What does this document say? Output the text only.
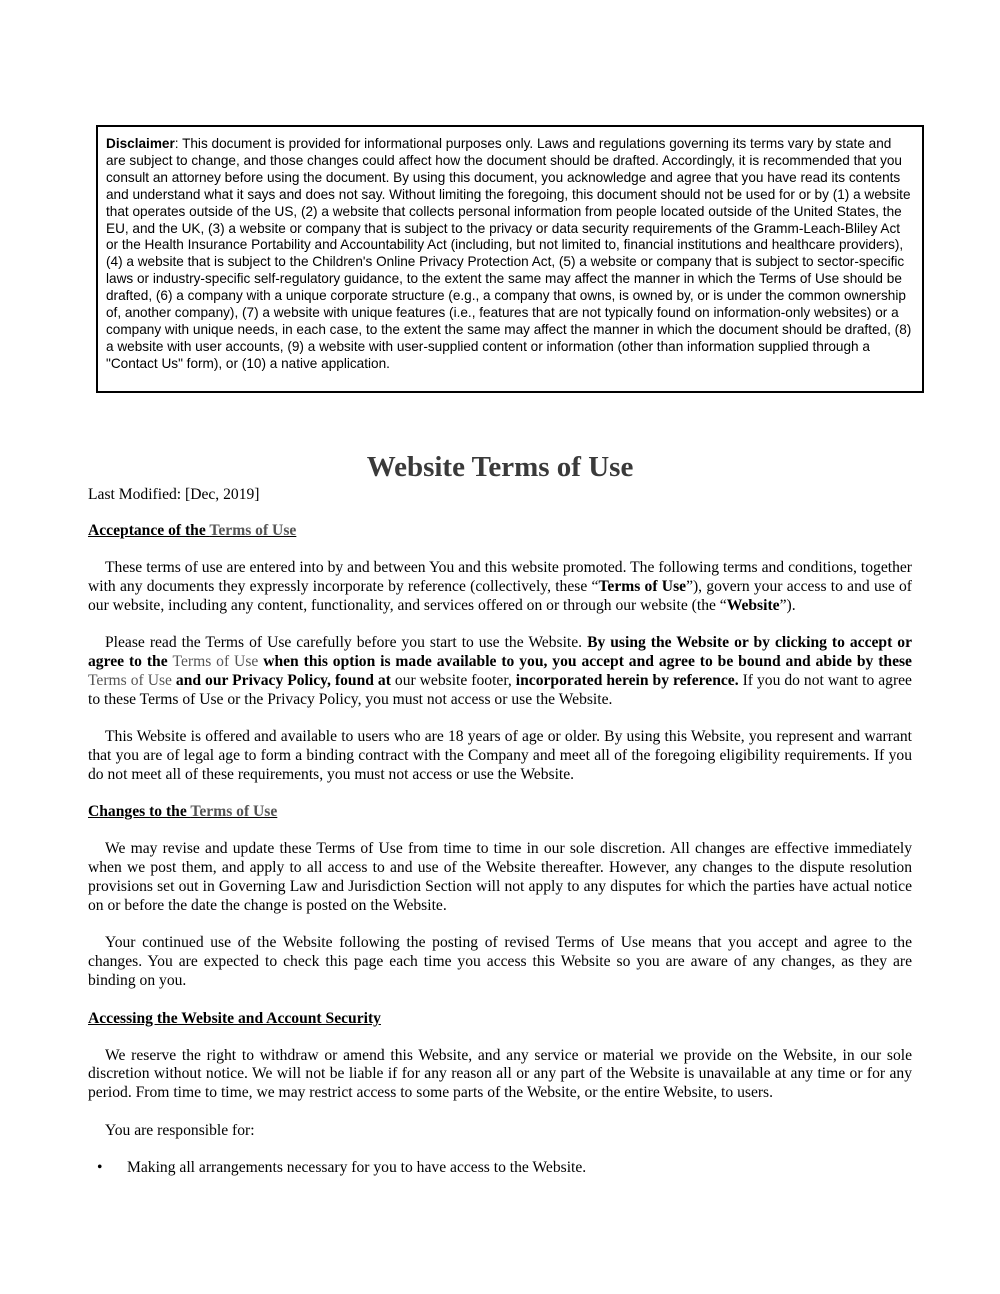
Disclaimer: This document is provided for informational purposes only. Laws and regulations governing its terms vary by state and are subject to change, and those changes could affect how the document should be drafted. Accordingly, it is recommended that you consult an attorney before using the document. By using this document, you acknowledge and agree that you have read its contents and understand what it says and does not say. Without limiting the foregoing, this document should not be used for or by (1) a website that operates outside of the US, (2) a website that collects personal information from people located outside of the United States, the EU, and the UK, (3) a website or company that is subject to the privacy or data security requirements of the Gramm-Leach-Bliley Act or the Health Insurance Portability and Accountability Act (including, but not limited to, financial institutions and healthcare providers), (4) a website that is subject to the Children's Online Privacy Protection Act, (5) a website or company that is subject to sector-specific laws or industry-specific self-regulatory guidance, to the extent the same may affect the manner in which the Terms of Use should be drafted, (6) a company with a unique corporate structure (e.g., a company that owns, is owned by, or is under the common ownership of, another company), (7) a website with unique features (i.e., features that are not typically found on information-only websites) or a company with unique needs, in each case, to the extent the same may affect the manner in which the document should be drafted, (8) a website with user accounts, (9) a website with user-supplied content or information (other than information supplied through a "Contact Us" form), or (10) a native application.
Website Terms of Use

Last Modified: [Dec, 2019]

Acceptance of the Terms of Use

These terms of use are entered into by and between You and this website promoted. The following terms and conditions, together with any documents they expressly incorporate by reference (collectively, these “Terms of Use”), govern your access to and use of our website, including any content, functionality, and services offered on or through our website (the “Website”).

Please read the Terms of Use carefully before you start to use the Website. By using the Website or by clicking to accept or agree to the Terms of Use when this option is made available to you, you accept and agree to be bound and abide by these Terms of Use and our Privacy Policy, found at our website footer, incorporated herein by reference. If you do not want to agree to these Terms of Use or the Privacy Policy, you must not access or use the Website.

This Website is offered and available to users who are 18 years of age or older. By using this Website, you represent and warrant that you are of legal age to form a binding contract with the Company and meet all of the foregoing eligibility requirements. If you do not meet all of these requirements, you must not access or use the Website.

Changes to the Terms of Use

We may revise and update these Terms of Use from time to time in our sole discretion. All changes are effective immediately when we post them, and apply to all access to and use of the Website thereafter. However, any changes to the dispute resolution provisions set out in Governing Law and Jurisdiction Section will not apply to any disputes for which the parties have actual notice on or before the date the change is posted on the Website.

Your continued use of the Website following the posting of revised Terms of Use means that you accept and agree to the changes. You are expected to check this page each time you access this Website so you are aware of any changes, as they are binding on you.

Accessing the Website and Account Security

We reserve the right to withdraw or amend this Website, and any service or material we provide on the Website, in our sole discretion without notice. We will not be liable if for any reason all or any part of the Website is unavailable at any time or for any period. From time to time, we may restrict access to some parts of the Website, or the entire Website, to users.

You are responsible for:

•	Making all arrangements necessary for you to have access to the Website.
